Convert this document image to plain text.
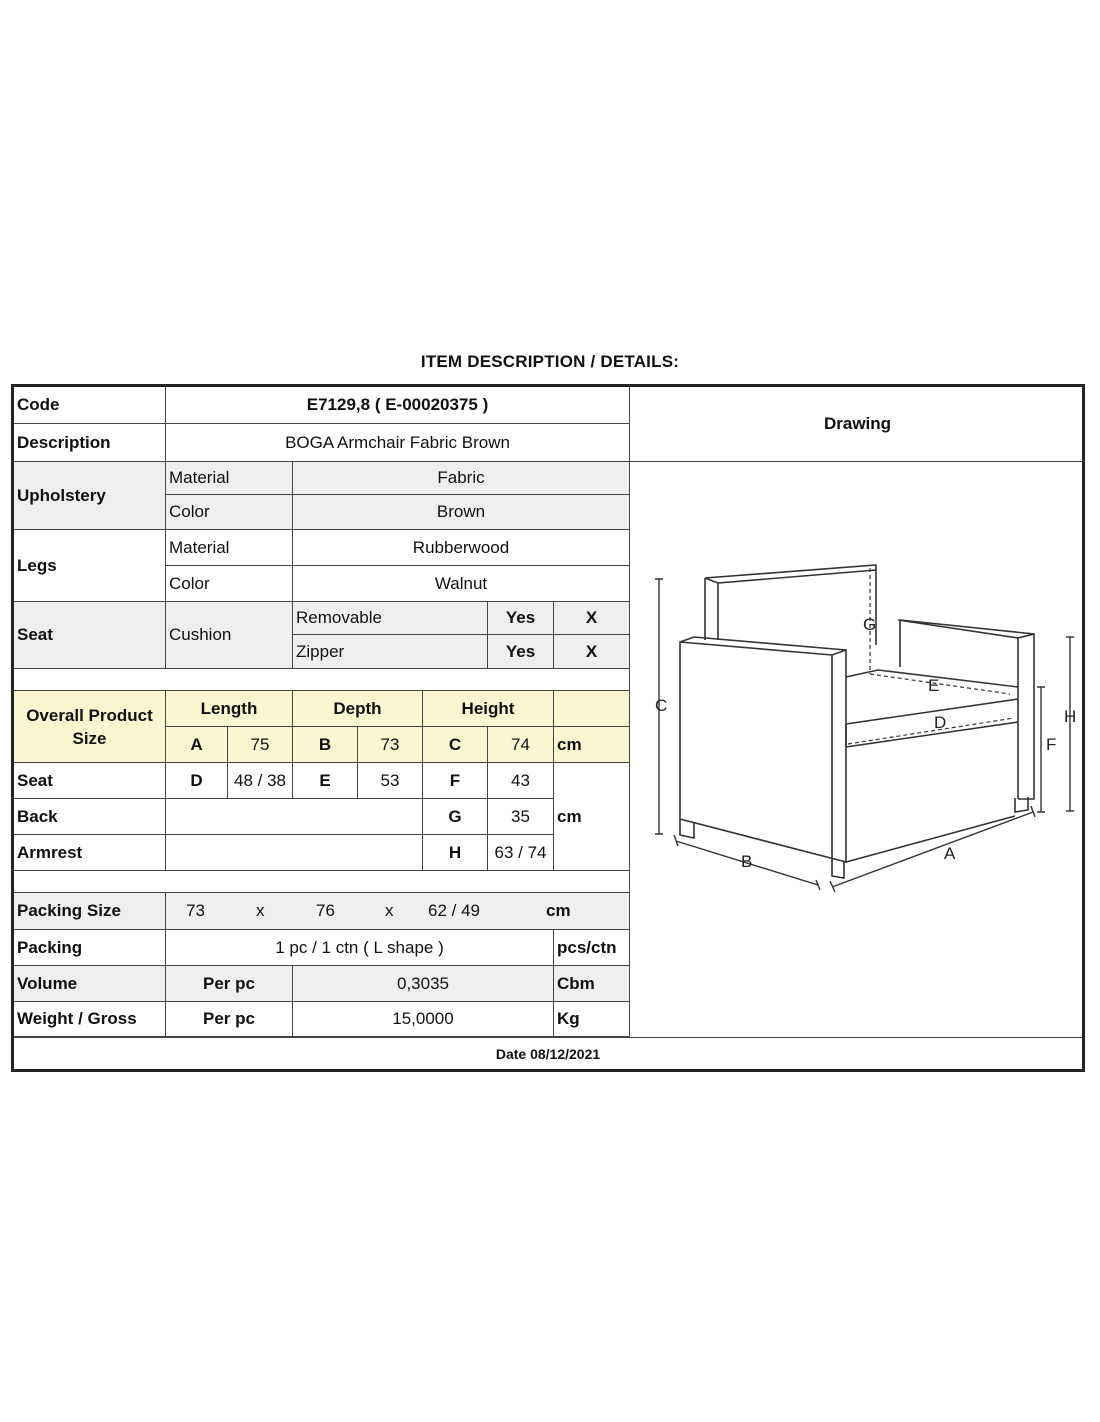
ITEM DESCRIPTION / DETAILS:
Code	E7129,8 ( E-00020375 )
Description	BOGA Armchair Fabric Brown
Drawing
Upholstery
Material	Fabric
Color	Brown
Legs
Material	Rubberwood
Color	Walnut
Seat	Cushion
Removable	Yes	X
Zipper	Yes	X
Overall Product Size
Length	Depth	Height
A	75	B	73	C	74	cm
Seat	D	48 / 38	E	53	F	43
cm
Back	G	35
Armrest	H	63 / 74
Packing Size	73	x	76	x 62 / 49	cm
Packing	1 pc / 1 ctn ( L shape )	pcs/ctn
Volume	Per pc	0,3035	Cbm
Weight / Gross	Per pc	15,0000	Kg
Date 08/12/2021
C
G
E
D	H
F
B	A
